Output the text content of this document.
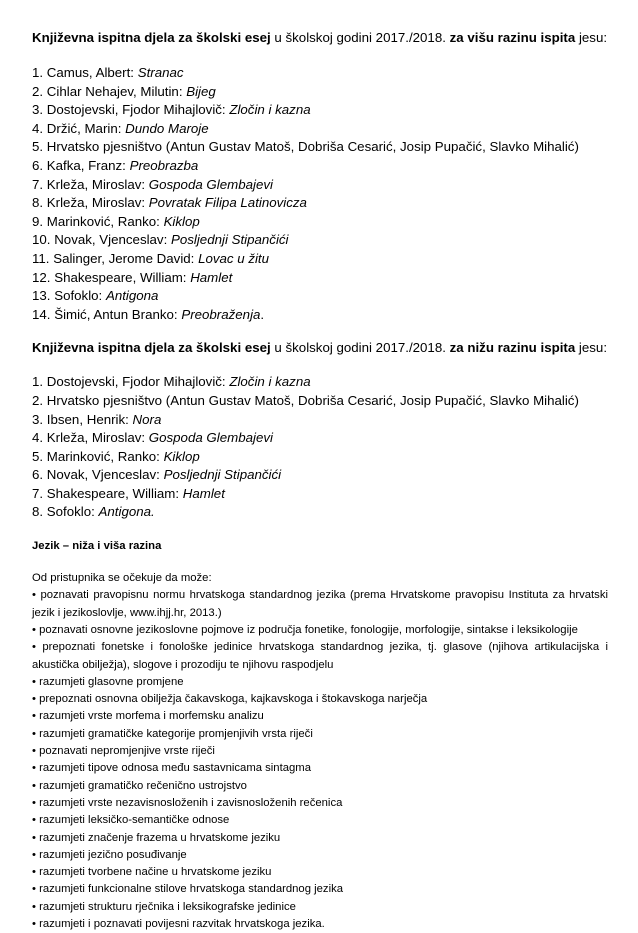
Književna ispitna djela za školski esej u školskoj godini 2017./2018. za višu razinu ispita jesu:

1. Camus, Albert: Stranac
2. Cihlar Nehajev, Milutin: Bijeg
3. Dostojevski, Fjodor Mihajlovič: Zločin i kazna
4. Držić, Marin: Dundo Maroje
5. Hrvatsko pjesništvo (Antun Gustav Matoš, Dobriša Cesarić, Josip Pupačić, Slavko Mihalić)
6. Kafka, Franz: Preobrazba
7. Krleža, Miroslav: Gospoda Glembajevi
8. Krleža, Miroslav: Povratak Filipa Latinovicza
9. Marinković, Ranko: Kiklop
10. Novak, Vjenceslav: Posljednji Stipančići
11. Salinger, Jerome David: Lovac u žitu
12. Shakespeare, William: Hamlet
13. Sofoklo: Antigona
14. Šimić, Antun Branko: Preobraženja.

Književna ispitna djela za školski esej u školskoj godini 2017./2018. za nižu razinu ispita jesu:

1. Dostojevski, Fjodor Mihajlovič: Zločin i kazna
2. Hrvatsko pjesništvo (Antun Gustav Matoš, Dobriša Cesarić, Josip Pupačić, Slavko Mihalić)
3. Ibsen, Henrik: Nora
4. Krleža, Miroslav: Gospoda Glembajevi
5. Marinković, Ranko: Kiklop
6. Novak, Vjenceslav: Posljednji Stipančići
7. Shakespeare, William: Hamlet
8. Sofoklo: Antigona.

Jezik – niža i viša razina

Od pristupnika se očekuje da može:

• poznavati pravopisnu normu hrvatskoga standardnog jezika (prema Hrvatskome pravopisu Instituta za hrvatski jezik i jezikoslovlje, www.ihjj.hr, 2013.)
• poznavati osnovne jezikoslovne pojmove iz područja fonetike, fonologije, morfologije, sintakse i leksikologije
• prepoznati fonetske i fonološke jedinice hrvatskoga standardnog jezika, tj. glasove (njihova artikulacijska i akustička obilježja), slogove i prozodiju te njihovu raspodjelu
• razumjeti glasovne promjene
• prepoznati osnovna obilježja čakavskoga, kajkavskoga i štokavskoga narječja
• razumjeti vrste morfema i morfemsku analizu
• razumjeti gramatičke kategorije promjenjivih vrsta riječi
• poznavati nepromjenjive vrste riječi
• razumjeti tipove odnosa među sastavnicama sintagma
• razumjeti gramatičko rečenično ustrojstvo
• razumjeti vrste nezavisnosloženih i zavisnosloženih rečenica
• razumjeti leksičko-semantičke odnose
• razumjeti značenje frazema u hrvatskome jeziku
• razumjeti jezično posuđivanje
• razumjeti tvorbene načine u hrvatskome jeziku
• razumjeti funkcionalne stilove hrvatskoga standardnog jezika
• razumjeti strukturu rječnika i leksikografske jedinice
• razumjeti i poznavati povijesni razvitak hrvatskoga jezika.
